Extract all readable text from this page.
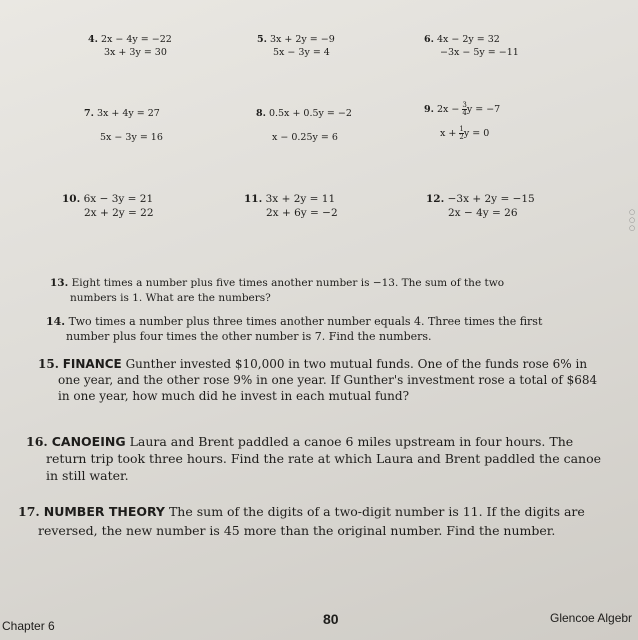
4. 2x − 4y = −22
3x + 3y = 30
5. 3x + 2y = −9
5x − 3y = 4
6. 4x − 2y = 32
−3x − 5y = −11
7. 3x + 4y = 27
5x − 3y = 16
8. 0.5x + 0.5y = −2
x − 0.25y = 6
9. $2x - \frac{3}{4}$ y = −7
$x + \frac{1}{2}$ y = 0
10. 6x − 3y = 21
2x + 2y = 22
11. 3x + 2y = 11
2x + 6y = −2
12. −3x + 2y = −15
2x − 4y = 26	○○○
13. Eight times a number plus five times another number is −13. The sum of the two
numbers is 1. What are the numbers?
14. Two times a number plus three times another number equals 4. Three times the first
number plus four times the other number is 7. Find the numbers.
15. FINANCE Gunther invested $10,000 in two mutual funds. One of the funds rose 6% in
one year, and the other rose 9% in one year. If Gunther's investment rose a total of $684
in one year, how much did he invest in each mutual fund?
16. CANOEING Laura and Brent paddled a canoe 6 miles upstream in four hours. The
return trip took three hours. Find the rate at which Laura and Brent paddled the canoe
in still water.
17. NUMBER THEORY The sum of the digits of a two-digit number is 11. If the digits are
reversed, the new number is 45 more than the original number. Find the number.
Chapter 6	80	Glencoe Algebr
